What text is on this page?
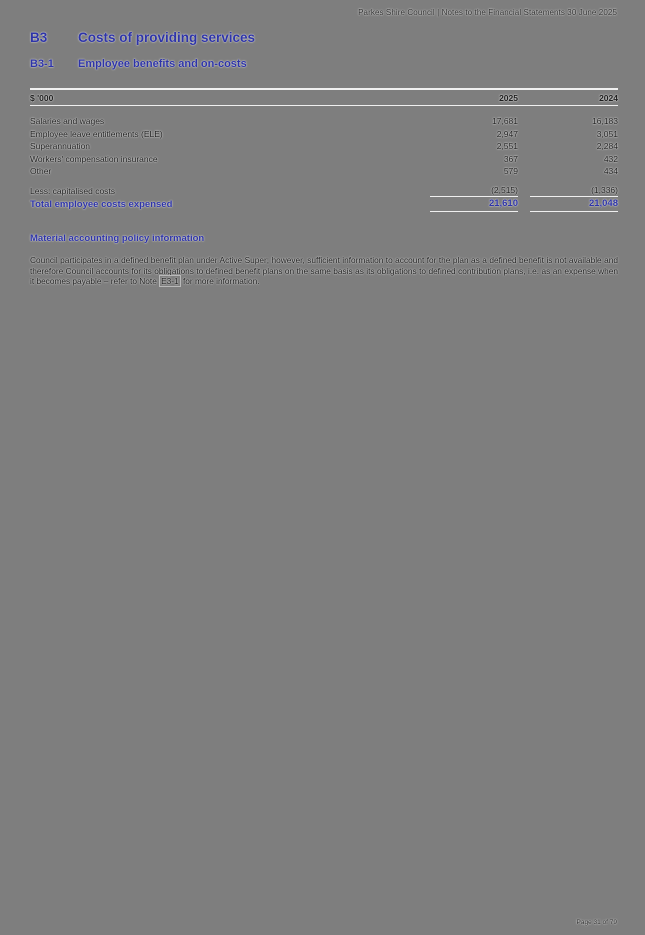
Parkes Shire Council | Notes to the Financial Statements 30 June 2025
B3	Costs of providing services
B3-1	Employee benefits and on-costs
$ '000	2025	2024
Salaries and wages	17,681	16,183
Employee leave entitlements (ELE)	2,947	3,051
Superannuation	2,551	2,284
Workers' compensation insurance	367	432
Other	579	434
Less: capitalised costs	(2,515)	(1,336)
Total employee costs expensed	21,610	21,048
Material accounting policy information

Council participates in a defined benefit plan under Active Super; however, sufficient information to account for the plan as a defined benefit is not available and therefore Council accounts for its obligations to defined benefit plans on the same basis as its obligations to defined contribution plans, i.e. as an expense when it becomes payable – refer to Note E3-1 for more information.

Page 31 of 79
